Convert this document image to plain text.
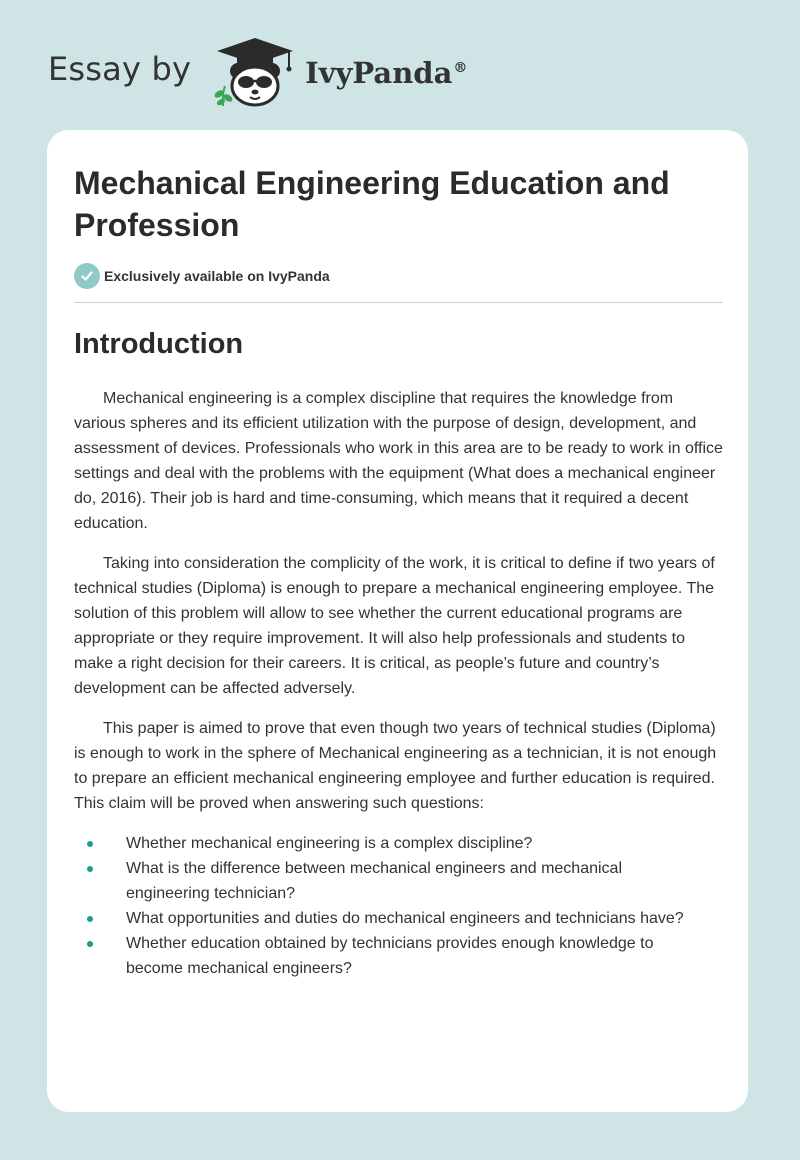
Essay by	IvyPanda®
Mechanical Engineering Education and Profession
Exclusively available on IvyPanda
Introduction

Mechanical engineering is a complex discipline that requires the knowledge from various spheres and its efficient utilization with the purpose of design, development, and assessment of devices. Professionals who work in this area are to be ready to work in office settings and deal with the problems with the equipment (What does a mechanical engineer do, 2016). Their job is hard and time-consuming, which means that it required a decent education.

Taking into consideration the complicity of the work, it is critical to define if two years of technical studies (Diploma) is enough to prepare a mechanical engineering employee. The solution of this problem will allow to see whether the current educational programs are appropriate or they require improvement. It will also help professionals and students to make a right decision for their careers. It is critical, as people’s future and country’s development can be affected adversely.

This paper is aimed to prove that even though two years of technical studies (Diploma) is enough to work in the sphere of Mechanical engineering as a technician, it is not enough to prepare an efficient mechanical engineering employee and further education is required. This claim will be proved when answering such questions:

Whether mechanical engineering is a complex discipline?
What is the difference between mechanical engineers and mechanical engineering technician?
What opportunities and duties do mechanical engineers and technicians have?
Whether education obtained by technicians provides enough knowledge to become mechanical engineers?
